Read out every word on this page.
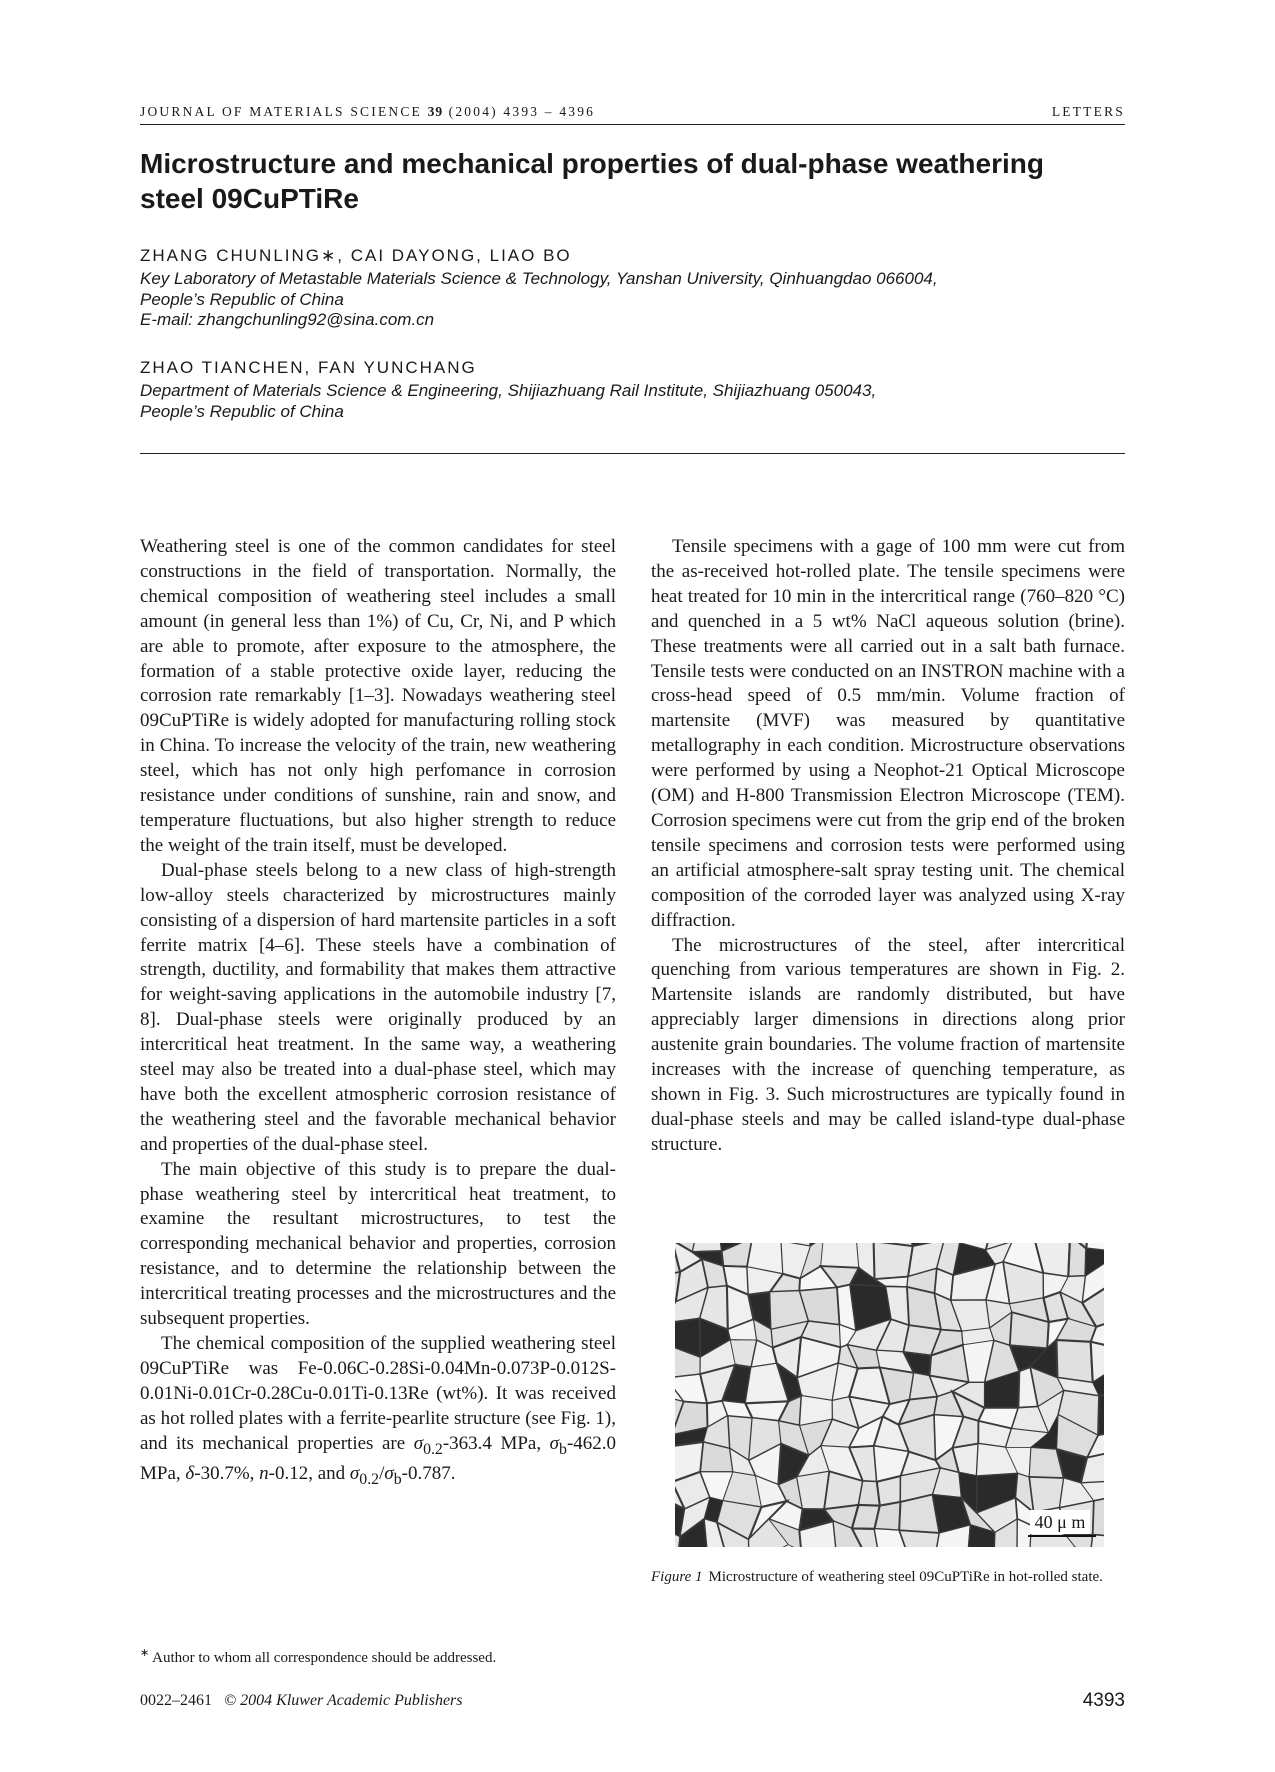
JOURNAL OF MATERIALS SCIENCE 39 (2004) 4393 – 4396	LETTERS
Microstructure and mechanical properties of dual-phase weathering
steel 09CuPTiRe
ZHANG CHUNLING∗, CAI DAYONG, LIAO BO
Key Laboratory of Metastable Materials Science & Technology, Yanshan University, Qinhuangdao 066004,
People’s Republic of China
E-mail: zhangchunling92@sina.com.cn
ZHAO TIANCHEN, FAN YUNCHANG
Department of Materials Science & Engineering, Shijiazhuang Rail Institute, Shijiazhuang 050043,
People’s Republic of China

Weathering steel is one of the common candidates for steel constructions in the field of transportation. Normally, the chemical composition of weathering steel includes a small amount (in general less than 1%) of Cu, Cr, Ni, and P which are able to promote, after exposure to the atmosphere, the formation of a stable protective oxide layer, reducing the corrosion rate remarkably [1–3]. Nowadays weathering steel 09CuPTiRe is widely adopted for manufacturing rolling stock in China. To increase the velocity of the train, new weathering steel, which has not only high perfomance in corrosion resistance under conditions of sunshine, rain and snow, and temperature fluctuations, but also higher strength to reduce the weight of the train itself, must be developed.

Dual-phase steels belong to a new class of high-strength low-alloy steels characterized by microstructures mainly consisting of a dispersion of hard martensite particles in a soft ferrite matrix [4–6]. These steels have a combination of strength, ductility, and formability that makes them attractive for weight-saving applications in the automobile industry [7, 8]. Dual-phase steels were originally produced by an intercritical heat treatment. In the same way, a weathering steel may also be treated into a dual-phase steel, which may have both the excellent atmospheric corrosion resistance of the weathering steel and the favorable mechanical behavior and properties of the dual-phase steel.

The main objective of this study is to prepare the dual-phase weathering steel by intercritical heat treatment, to examine the resultant microstructures, to test the corresponding mechanical behavior and properties, corrosion resistance, and to determine the relationship between the intercritical treating processes and the microstructures and the subsequent properties.

The chemical composition of the supplied weathering steel 09CuPTiRe was Fe-0.06C-0.28Si-0.04Mn-0.073P-0.012S-0.01Ni-0.01Cr-0.28Cu-0.01Ti-0.13Re (wt%). It was received as hot rolled plates with a ferrite-pearlite structure (see Fig. 1), and its mechanical properties are $\sigma_{0.2}-363.4$ MPa, $\sigma_b-462.0$ MPa, δ-30.7%, n-0.12, and $\sigma_{0.2}/\sigma_b-0.787$.

Tensile specimens with a gage of 100 mm were cut from the as-received hot-rolled plate. The tensile specimens were heat treated for 10 min in the intercritical range (760–820 °C) and quenched in a 5 wt% NaCl aqueous solution (brine). These treatments were all carried out in a salt bath furnace. Tensile tests were conducted on an INSTRON machine with a cross-head speed of 0.5 mm/min. Volume fraction of martensite (MVF) was measured by quantitative metallography in each condition. Microstructure observations were performed by using a Neophot-21 Optical Microscope (OM) and H-800 Transmission Electron Microscope (TEM). Corrosion specimens were cut from the grip end of the broken tensile specimens and corrosion tests were performed using an artificial atmosphere-salt spray testing unit. The chemical composition of the corroded layer was analyzed using X-ray diffraction.

The microstructures of the steel, after intercritical quenching from various temperatures are shown in Fig. 2. Martensite islands are randomly distributed, but have appreciably larger dimensions in directions along prior austenite grain boundaries. The volume fraction of martensite increases with the increase of quenching temperature, as shown in Fig. 3. Such microstructures are typically found in dual-phase steels and may be called island-type dual-phase structure.

40 μ m
Figure 1 Microstructure of weathering steel 09CuPTiRe in hot-rolled state.
∗ Author to whom all correspondence should be addressed.
0022–2461 © 2004 Kluwer Academic Publishers	4393
